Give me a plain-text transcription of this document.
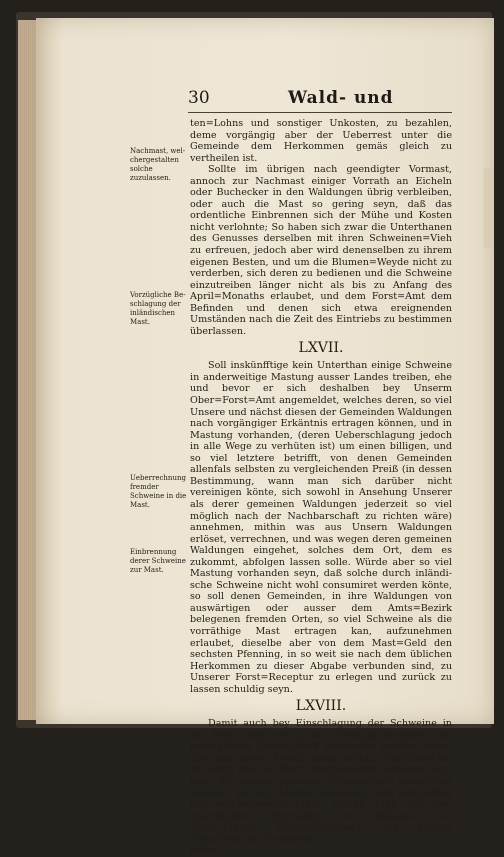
30	Wald- und
Nachmast, welchergestalten solche zuzulassen.
Vorzügliche Beschlagung der inländischen Mast.
Ueberrechnung fremder Schweine in die Mast.
Einbrennung derer Schweine zur Mast.

ten=Lohns und sonstiger Unkosten, zu bezahlen, deme vorgängig aber der Ueberrest unter die Gemeinde dem Herkommen gemäs gleich zu vertheilen ist.

Sollte im übrigen nach geendigter Vormast, annoch zur Nachmast einiger Vorrath an Eicheln oder Buchecker in den Waldungen übrig verbleiben, oder auch die Mast so gering seyn, daß das ordentliche Einbrennen sich der Mühe und Kosten nicht verlohnte; So haben sich zwar die Unterthanen des Genusses derselben mit ihren Schweinen=Vieh zu erfreuen, jedoch aber wird denenselben zu ihrem eigenen Besten, und um die Blumen=Weyde nicht zu verderben, sich deren zu bedienen und die Schweine einzutreiben länger nicht als bis zu Anfang des April=Monaths erlaubet, und dem Forst=Amt dem Befinden und denen sich etwa ereignenden Umständen nach die Zeit des Eintriebs zu bestimmen überlassen.

LXVII.

Soll inskünfftige kein Unterthan einige Schweine in anderweitige Mastung ausser Landes treiben, ehe und bevor er sich deshalben bey Unserm Ober=Forst=Amt angemeldet, welches deren, so viel Unsere und nächst diesen der Gemeinden Waldungen nach vorgängiger Erkäntnis ertragen können, und in Mastung vorhanden, (deren Ueberschlagung jedoch in alle Wege zu verhüten ist) um einen billigen, und so viel letztere betrifft, von denen Gemeinden allenfals selbsten zu vergleichenden Preiß (in dessen Bestimmung, wann man sich darüber nicht vereinigen könte, sich sowohl in Ansehung Unserer als derer gemeinen Waldungen jederzeit so viel möglich nach der Nachbarschaft zu richten wäre) annehmen, mithin was aus Unsern Waldungen erlöset, verrechnen, und was wegen deren gemeinen Waldungen eingehet, solches dem Ort, dem es zukommt, abfolgen lassen solle. Würde aber so viel Mastung vorhanden seyn, daß solche durch inländische Schweine nicht wohl consumiret werden könte, so soll denen Gemeinden, in ihre Waldungen von auswärtigen oder ausser dem Amts=Bezirk belegenen fremden Orten, so viel Schweine als die vorräthige Mast ertragen kan, aufzunehmen erlaubet, dieselbe aber von dem Mast=Geld den sechsten Pfenning, in so weit sie nach dem üblichen Herkommen zu dieser Abgabe verbunden sind, zu Unserer Forst=Receptur zu erlegen und zurück zu lassen schuldig seyn.

LXVIII.

Damit auch bey Einschlagung der Schweine in die Mast alles mit guter Ordnung begehen und besorglicher Unterschleiff vermieden werden möge, und dann dieser Zweck anders nicht zu erreichen ist, als wann die zur Mast einschlagende Schweine vorhero mit einem gewissen Brennzeichen bemercket werden; So wird hiermit verordnet, daß hinkünfftig bey erscheinender Mast, etliche Tage vor dem würcklichen Eintreiben im Beyseyn des Forst=Jägers, Wald=Vorstehers und einiger Deputirten der Gemeinde

jeden
